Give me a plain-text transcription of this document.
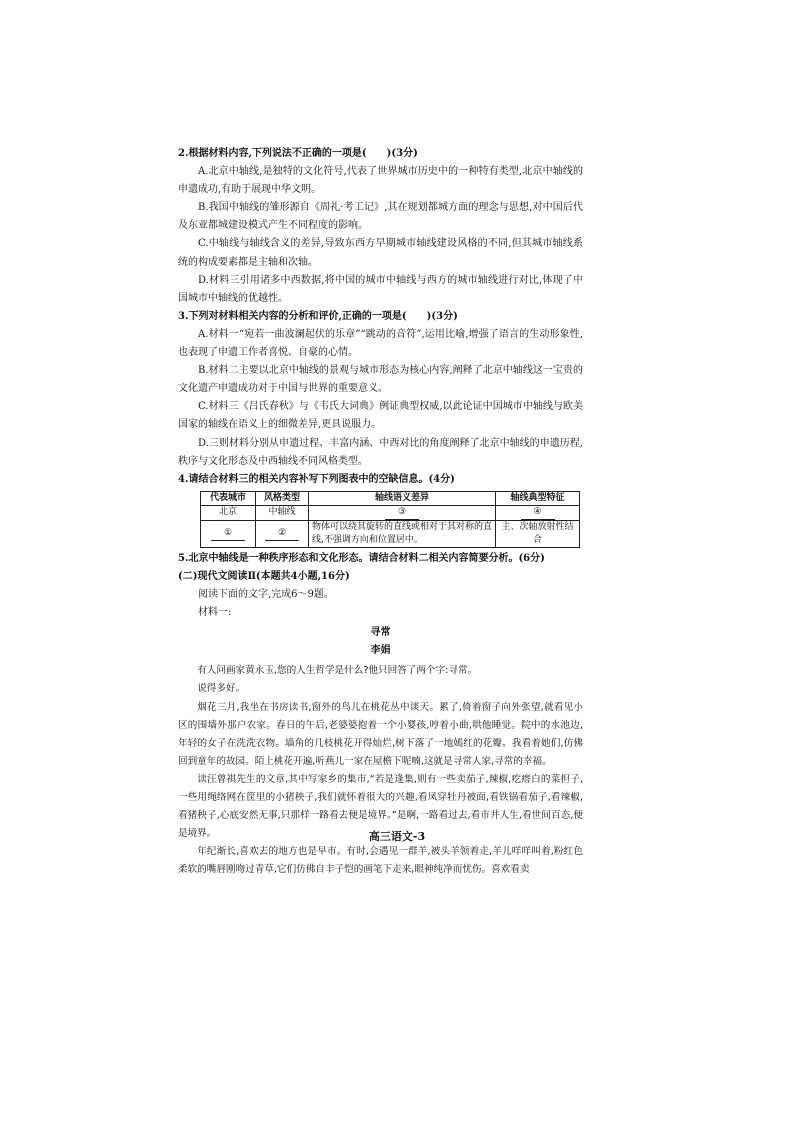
2.根据材料内容,下列说法不正确的一项是(　　)(3分)

A.北京中轴线,是独特的文化符号,代表了世界城市历史中的一种特有类型,北京中轴线的申遗成功,有助于展现中华文明。

B.我国中轴线的雏形源自《周礼·考工记》,其在规划都城方面的理念与思想,对中国后代及东亚都城建设模式产生不同程度的影响。

C.中轴线与轴线含义的差异,导致东西方早期城市轴线建设风格的不同,但其城市轴线系统的构成要素都是主轴和次轴。

D.材料三引用诸多中西数据,将中国的城市中轴线与西方的城市轴线进行对比,体现了中国城市中轴线的优越性。

3.下列对材料相关内容的分析和评价,正确的一项是(　　)(3分)

A.材料一“宛若一曲波澜起伏的乐章”“跳动的音符”,运用比喻,增强了语言的生动形象性,也表现了申遗工作者喜悦、自豪的心情。

B.材料二主要以北京中轴线的景观与城市形态为核心内容,阐释了北京中轴线这一宝贵的文化遗产申遗成功对于中国与世界的重要意义。

C.材料三《吕氏春秋》与《韦氏大词典》例证典型权威,以此论证中国城市中轴线与欧美国家的轴线在语义上的细微差异,更具说服力。

D.三则材料分别从申遗过程、丰富内涵、中西对比的角度阐释了北京中轴线的申遗历程,秩序与文化形态及中西轴线不同风格类型。

4.请结合材料三的相关内容补写下列图表中的空缺信息。(4分)

代表城市	风格类型	轴线语义差异	轴线典型特征
北京	中轴线	③	④
①	②	物体可以绕其旋转的直线或相对于其对称的直线,不强调方向和位置居中。	主、次轴放射性结合

5.北京中轴线是一种秩序形态和文化形态。请结合材料二相关内容简要分析。(6分)

(二)现代文阅读Ⅱ(本题共4小题,16分)

阅读下面的文字,完成6～9题。

材料一:

寻常

李娟

有人问画家黄永玉,您的人生哲学是什么?他只回答了两个字:寻常。

说得多好。

烟花三月,我坐在书房读书,窗外的鸟儿在桃花丛中谈天。累了,倚着窗子向外张望,就看见小区的围墙外那户农家。春日的午后,老婆婆抱着一个小婴孩,哼着小曲,哄他睡觉。院中的水池边,年轻的女子在洗洗衣物。墙角的几枝桃花开得灿烂,树下落了一地嫣红的花瓣。我看着她们,仿佛回到童年的故园。陌上桃花开遍,听燕儿一家在屋檐下呢喃,这就是寻常人家,寻常的幸福。

读汪曾祺先生的文章,其中写家乡的集市,“若是逢集,则有一些卖茄子,辣椒,疙瘩白的菜担子,一些用绳络网在筐里的小猪秧子,我们就怀着很大的兴趣,看凤穿牡丹被面,看铁锅看茄子,看辣椒,看猪秧子,心底安然无事,只那样一路看去便是境界。”是啊,一路看过去,看市井人生,看世间百态,便是境界。

年纪渐长,喜欢去的地方也是早市。有时,会遇见一群羊,被头羊领着走,羊儿咩咩叫着,粉红色柔软的嘴唇刚吻过青草,它们仿佛自丰子恺的画笔下走来,眼神纯净而忧伤。喜欢看卖

高三语文-3
